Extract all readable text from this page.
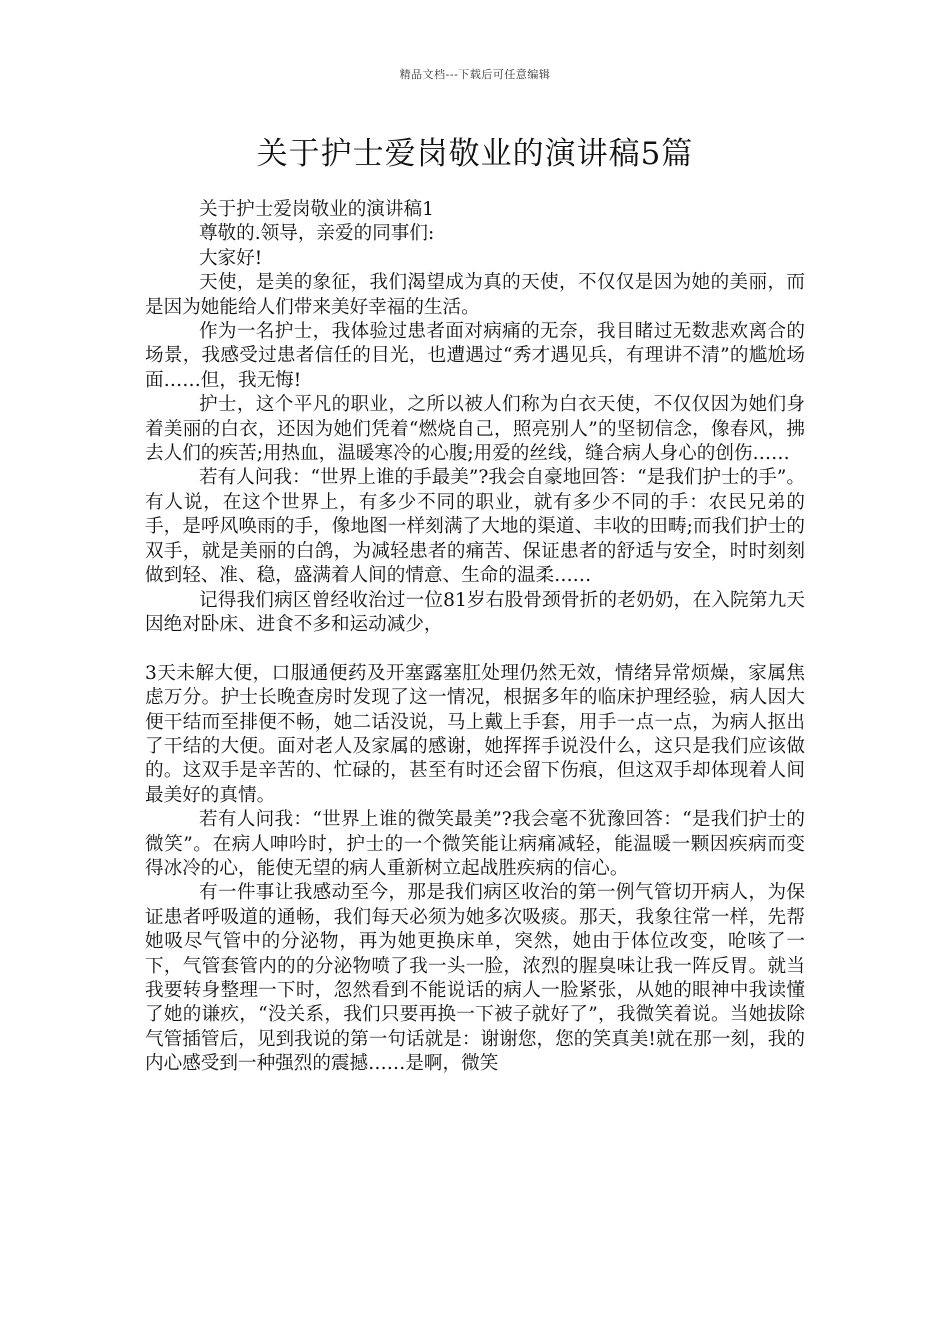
精品文档---下载后可任意编辑
关于护士爱岗敬业的演讲稿5篇

关于护士爱岗敬业的演讲稿1

尊敬的.领导，亲爱的同事们:

大家好!

天使，是美的象征，我们渴望成为真的天使，不仅仅是因为她的美丽，而是因为她能给人们带来美好幸福的生活。

作为一名护士，我体验过患者面对病痛的无奈，我目睹过无数悲欢离合的场景，我感受过患者信任的目光，也遭遇过“秀才遇见兵，有理讲不清”的尴尬场面……但，我无悔!

护士，这个平凡的职业，之所以被人们称为白衣天使，不仅仅因为她们身着美丽的白衣，还因为她们凭着“燃烧自己，照亮别人”的坚韧信念，像春风，拂去人们的疾苦;用热血，温暖寒冷的心腹;用爱的丝线，缝合病人身心的创伤……

若有人问我：“世界上谁的手最美”?我会自豪地回答：“是我们护士的手”。有人说，在这个世界上，有多少不同的职业，就有多少不同的手：农民兄弟的手，是呼风唤雨的手，像地图一样刻满了大地的渠道、丰收的田畴;而我们护士的双手，就是美丽的白鸽，为减轻患者的痛苦、保证患者的舒适与安全，时时刻刻做到轻、准、稳，盛满着人间的情意、生命的温柔……

记得我们病区曾经收治过一位81岁右股骨颈骨折的老奶奶，在入院第九天因绝对卧床、进食不多和运动减少，

3天未解大便，口服通便药及开塞露塞肛处理仍然无效，情绪异常烦燥，家属焦虑万分。护士长晚查房时发现了这一情况，根据多年的临床护理经验，病人因大便干结而至排便不畅，她二话没说，马上戴上手套，用手一点一点，为病人抠出了干结的大便。面对老人及家属的感谢，她挥挥手说没什么，这只是我们应该做的。这双手是辛苦的、忙碌的，甚至有时还会留下伤痕，但这双手却体现着人间最美好的真情。

若有人问我：“世界上谁的微笑最美”?我会毫不犹豫回答：“是我们护士的微笑”。在病人呻吟时，护士的一个微笑能让病痛减轻，能温暖一颗因疾病而变得冰冷的心，能使无望的病人重新树立起战胜疾病的信心。

有一件事让我感动至今，那是我们病区收治的第一例气管切开病人，为保证患者呼吸道的通畅，我们每天必须为她多次吸痰。那天，我象往常一样，先帮她吸尽气管中的分泌物，再为她更换床单，突然，她由于体位改变，呛咳了一下，气管套管内的的分泌物喷了我一头一脸，浓烈的腥臭味让我一阵反胃。就当我要转身整理一下时，忽然看到不能说话的病人一脸紧张，从她的眼神中我读懂了她的谦疚，“没关系，我们只要再换一下被子就好了”，我微笑着说。当她拔除气管插管后，见到我说的第一句话就是：谢谢您，您的笑真美!就在那一刻，我的内心感受到一种强烈的震撼……是啊，微笑
